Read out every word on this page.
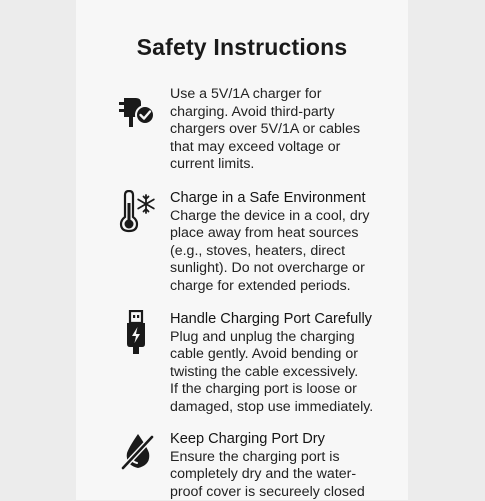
Safety Instructions
Use a 5V/1A charger for
charging. Avoid third-party
chargers over 5V/1A or cables
that may exceed voltage or
current limits.
Charge in a Safe Environment
Charge the device in a cool, dry
place away from heat sources
(e.g., stoves, heaters, direct
sunlight). Do not overcharge or
charge for extended periods.
Handle Charging Port Carefully
Plug and unplug the charging
cable gently. Avoid bending or
twisting the cable excessively.
If the charging port is loose or
damaged, stop use immediately.
Keep Charging Port Dry
Ensure the charging port is
completely dry and the water-
proof cover is secureely closed
